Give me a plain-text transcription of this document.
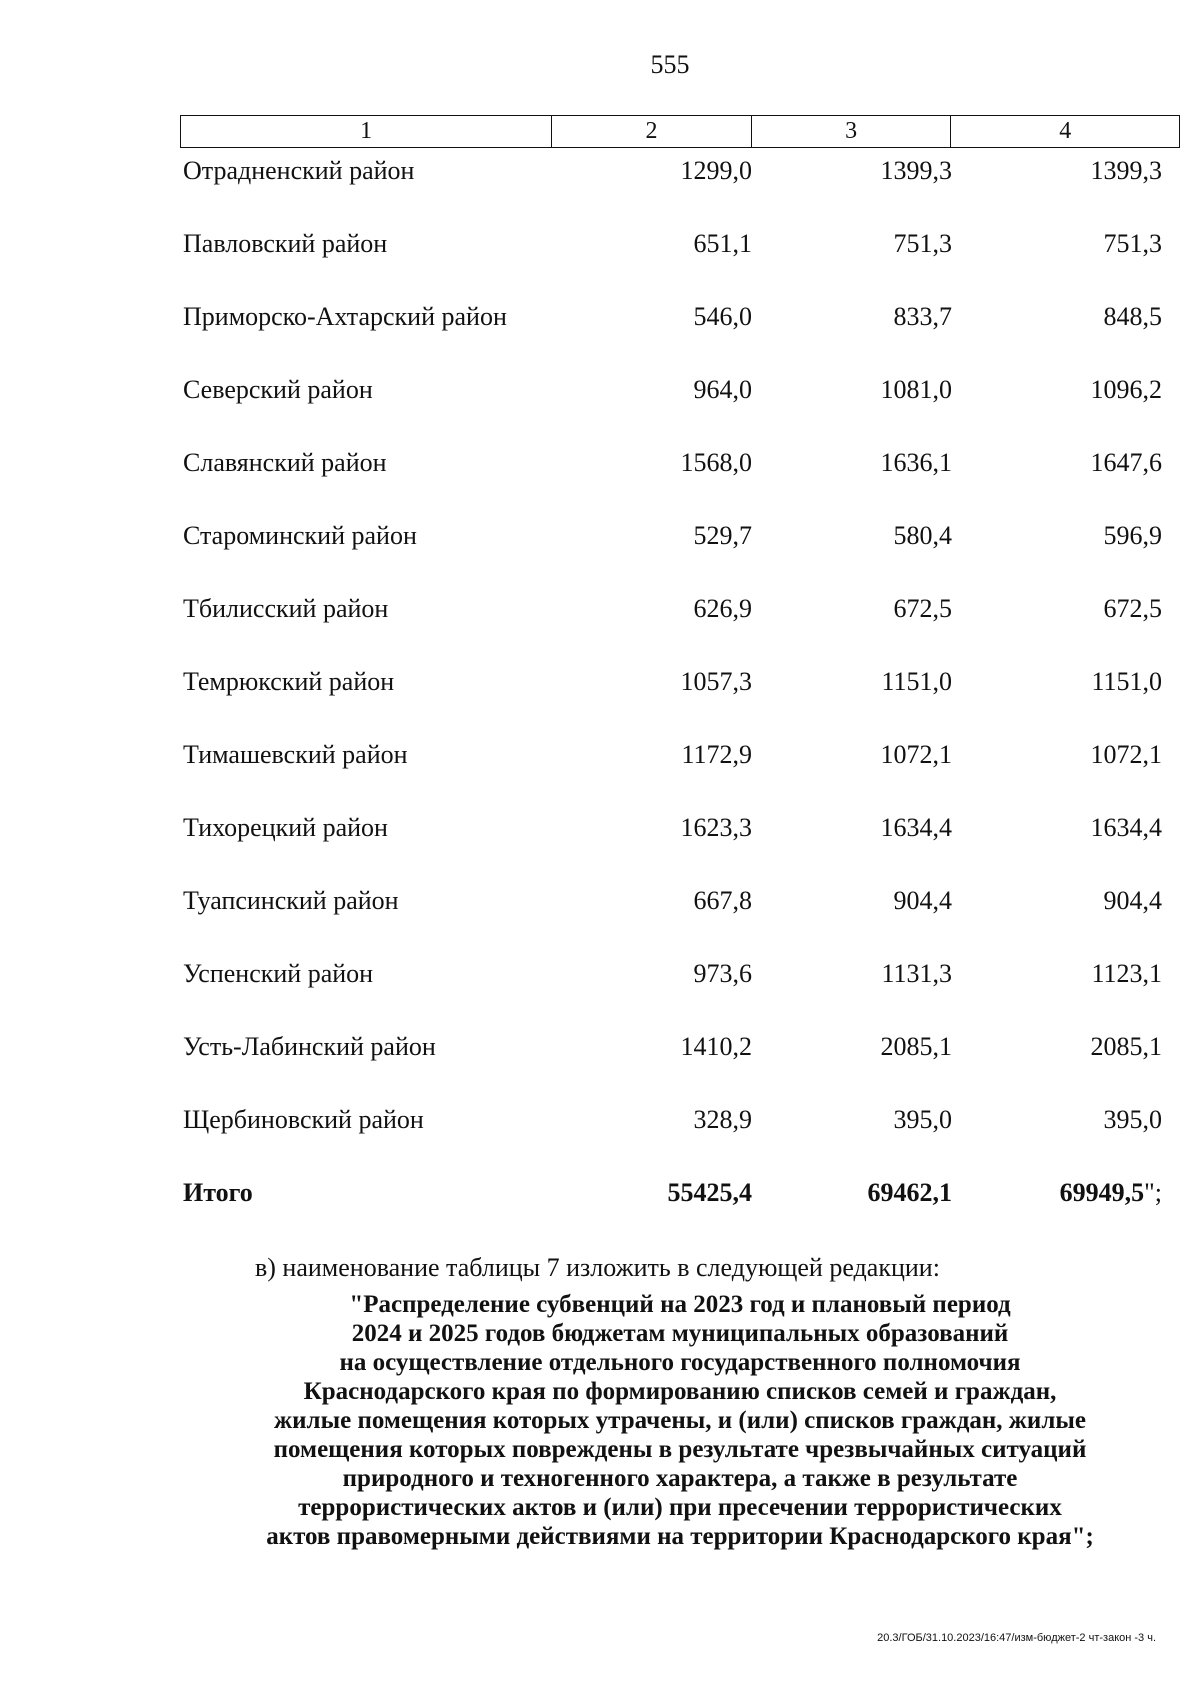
555
1	2	3	4
Отрадненский район	1299,0	1399,3	1399,3
Павловский район	651,1	751,3	751,3
Приморско-Ахтарский район	546,0	833,7	848,5
Северский район	964,0	1081,0	1096,2
Славянский район	1568,0	1636,1	1647,6
Староминский район	529,7	580,4	596,9
Тбилисский район	626,9	672,5	672,5
Темрюкский район	1057,3	1151,0	1151,0
Тимашевский район	1172,9	1072,1	1072,1
Тихорецкий район	1623,3	1634,4	1634,4
Туапсинский район	667,8	904,4	904,4
Успенский район	973,6	1131,3	1123,1
Усть-Лабинский район	1410,2	2085,1	2085,1
Щербиновский район	328,9	395,0	395,0
Итого	55425,4	69462,1	69949,5";
в) наименование таблицы 7 изложить в следующей редакции:
"Распределение субвенций на 2023 год и плановый период
2024 и 2025 годов бюджетам муниципальных образований
на осуществление отдельного государственного полномочия
Краснодарского края по формированию списков семей и граждан,
жилые помещения которых утрачены, и (или) списков граждан, жилые
помещения которых повреждены в результате чрезвычайных ситуаций
природного и техногенного характера, а также в результате
террористических актов и (или) при пресечении террористических
актов правомерными действиями на территории Краснодарского края";
20.3/ГОБ/31.10.2023/16:47/изм-бюджет-2 чт-закон -3 ч.
